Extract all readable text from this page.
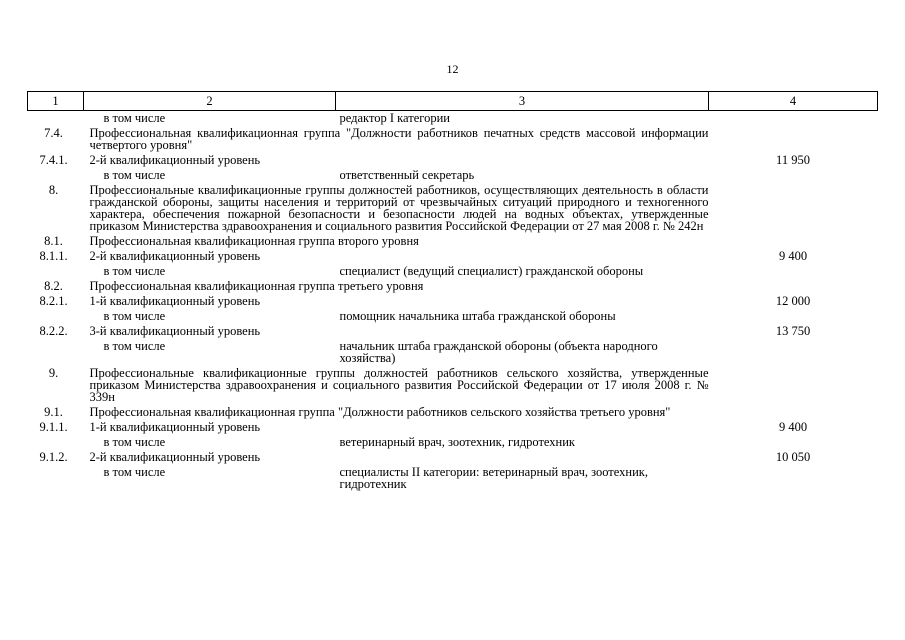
12
1	2	3	4
	в том числе	редактор I категории	
7.4.	Профессиональная квалификационная группа "Должности работников печатных средств массовой информации четвертого уровня"		
7.4.1.	2-й квалификационный уровень		11 950
	в том числе	ответственный секретарь	
8.	Профессиональные квалификационные группы должностей работников, осуществляющих деятельность в области гражданской обороны, защиты населения и территорий от чрезвычайных ситуаций природного и техногенного характера, обеспечения пожарной безопасности и безопасности людей на водных объектах, утвержденные приказом Министерства здравоохранения и социального развития Российской Федерации от 27 мая 2008 г. № 242н		
8.1.	Профессиональная квалификационная группа второго уровня		
8.1.1.	2-й квалификационный уровень		9 400
	в том числе	специалист (ведущий специалист) гражданской обороны	
8.2.	Профессиональная квалификационная группа третьего уровня		
8.2.1.	1-й квалификационный уровень		12 000
	в том числе	помощник начальника штаба гражданской обороны	
8.2.2.	3-й квалификационный уровень		13 750
	в том числе	начальник штаба гражданской обороны (объекта народного хозяйства)	
9.	Профессиональные квалификационные группы должностей работников сельского хозяйства, утвержденные приказом Министерства здравоохранения и социального развития Российской Федерации от 17 июля 2008 г. № 339н		
9.1.	Профессиональная квалификационная группа "Должности работников сельского хозяйства третьего уровня"		
9.1.1.	1-й квалификационный уровень		9 400
	в том числе	ветеринарный врач, зоотехник, гидротехник	
9.1.2.	2-й квалификационный уровень		10 050
	в том числе	специалисты II категории: ветеринарный врач, зоотехник, гидротехник	
